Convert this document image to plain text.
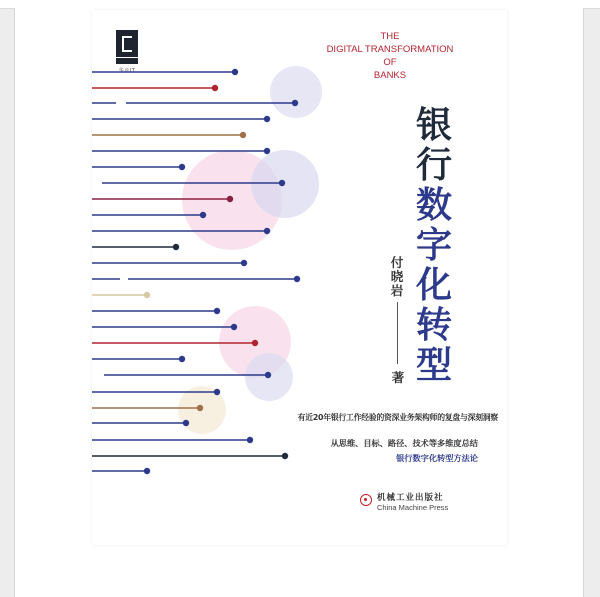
华章IT
THE
DIGITAL TRANSFORMATION
OF
BANKS
银
行
数
字
化
转
型
付
晓
岩
著
有近20年银行工作经验的资深业务架构师的复盘与深刻洞察
从思维、目标、路径、技术等多维度总结
银行数字化转型方法论
机械工业出版社
China Machine Press
